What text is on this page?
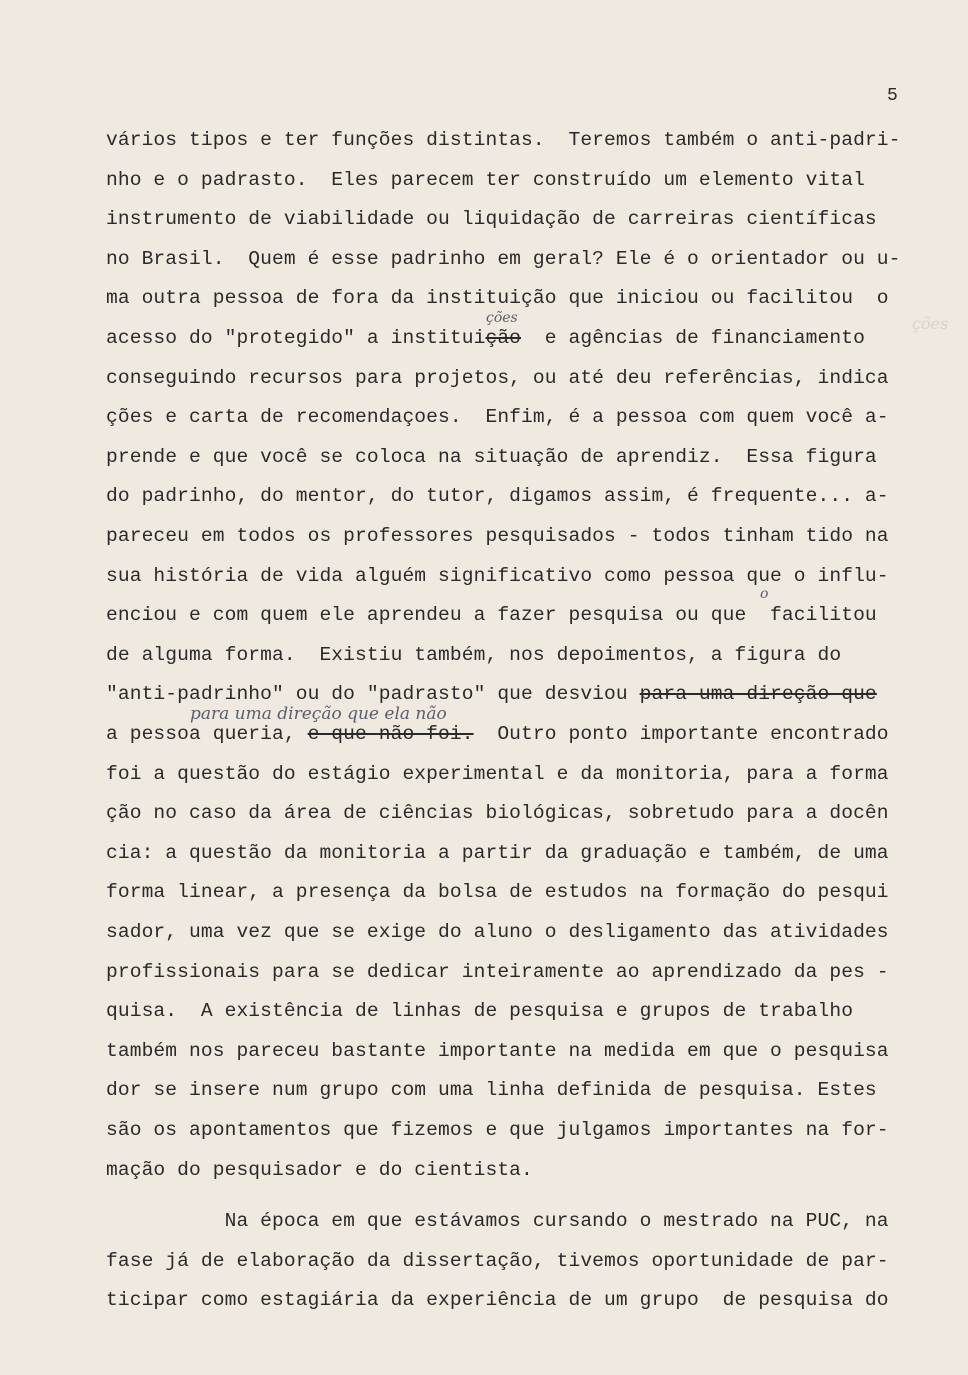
5
vários tipos e ter funções distintas.  Teremos também o anti-padri-
nho e o padrasto.  Eles parecem ter construído um elemento vital
instrumento de viabilidade ou liquidação de carreiras científicas
no Brasil.  Quem é esse padrinho em geral? Ele é o orientador ou u-
ma outra pessoa de fora da instituição que iniciou ou facilitou  o
acesso do "protegido" a instituição  e agências de financiamento
conseguindo recursos para projetos, ou até deu referências, indica
ções e carta de recomendaçoes.  Enfim, é a pessoa com quem você a-
prende e que você se coloca na situação de aprendiz.  Essa figura
do padrinho, do mentor, do tutor, digamos assim, é frequente... a-
pareceu em todos os professores pesquisados - todos tinham tido na
sua história de vida alguém significativo como pessoa que o influ-
enciou e com quem ele aprendeu a fazer pesquisa ou que  facilitou
de alguma forma.  Existiu também, nos depoimentos, a figura do
"anti-padrinho" ou do "padrasto" que desviou para uma direção que
a pessoa queria, e que não foi.  Outro ponto importante encontrado
foi a questão do estágio experimental e da monitoria, para a forma
ção no caso da área de ciências biológicas, sobretudo para a docên
cia: a questão da monitoria a partir da graduação e também, de uma
forma linear, a presença da bolsa de estudos na formação do pesqui
sador, uma vez que se exige do aluno o desligamento das atividades
profissionais para se dedicar inteiramente ao aprendizado da pes -
quisa.  A existência de linhas de pesquisa e grupos de trabalho
também nos pareceu bastante importante na medida em que o pesquisa
dor se insere num grupo com uma linha definida de pesquisa. Estes
são os apontamentos que fizemos e que julgamos importantes na for-
mação do pesquisador e do cientista.
Na época em que estávamos cursando o mestrado na PUC, na
fase já de elaboração da dissertação, tivemos oportunidade de par-
ticipar como estagiária da experiência de um grupo  de pesquisa do
ções
o
para uma direção que ela não
ções
